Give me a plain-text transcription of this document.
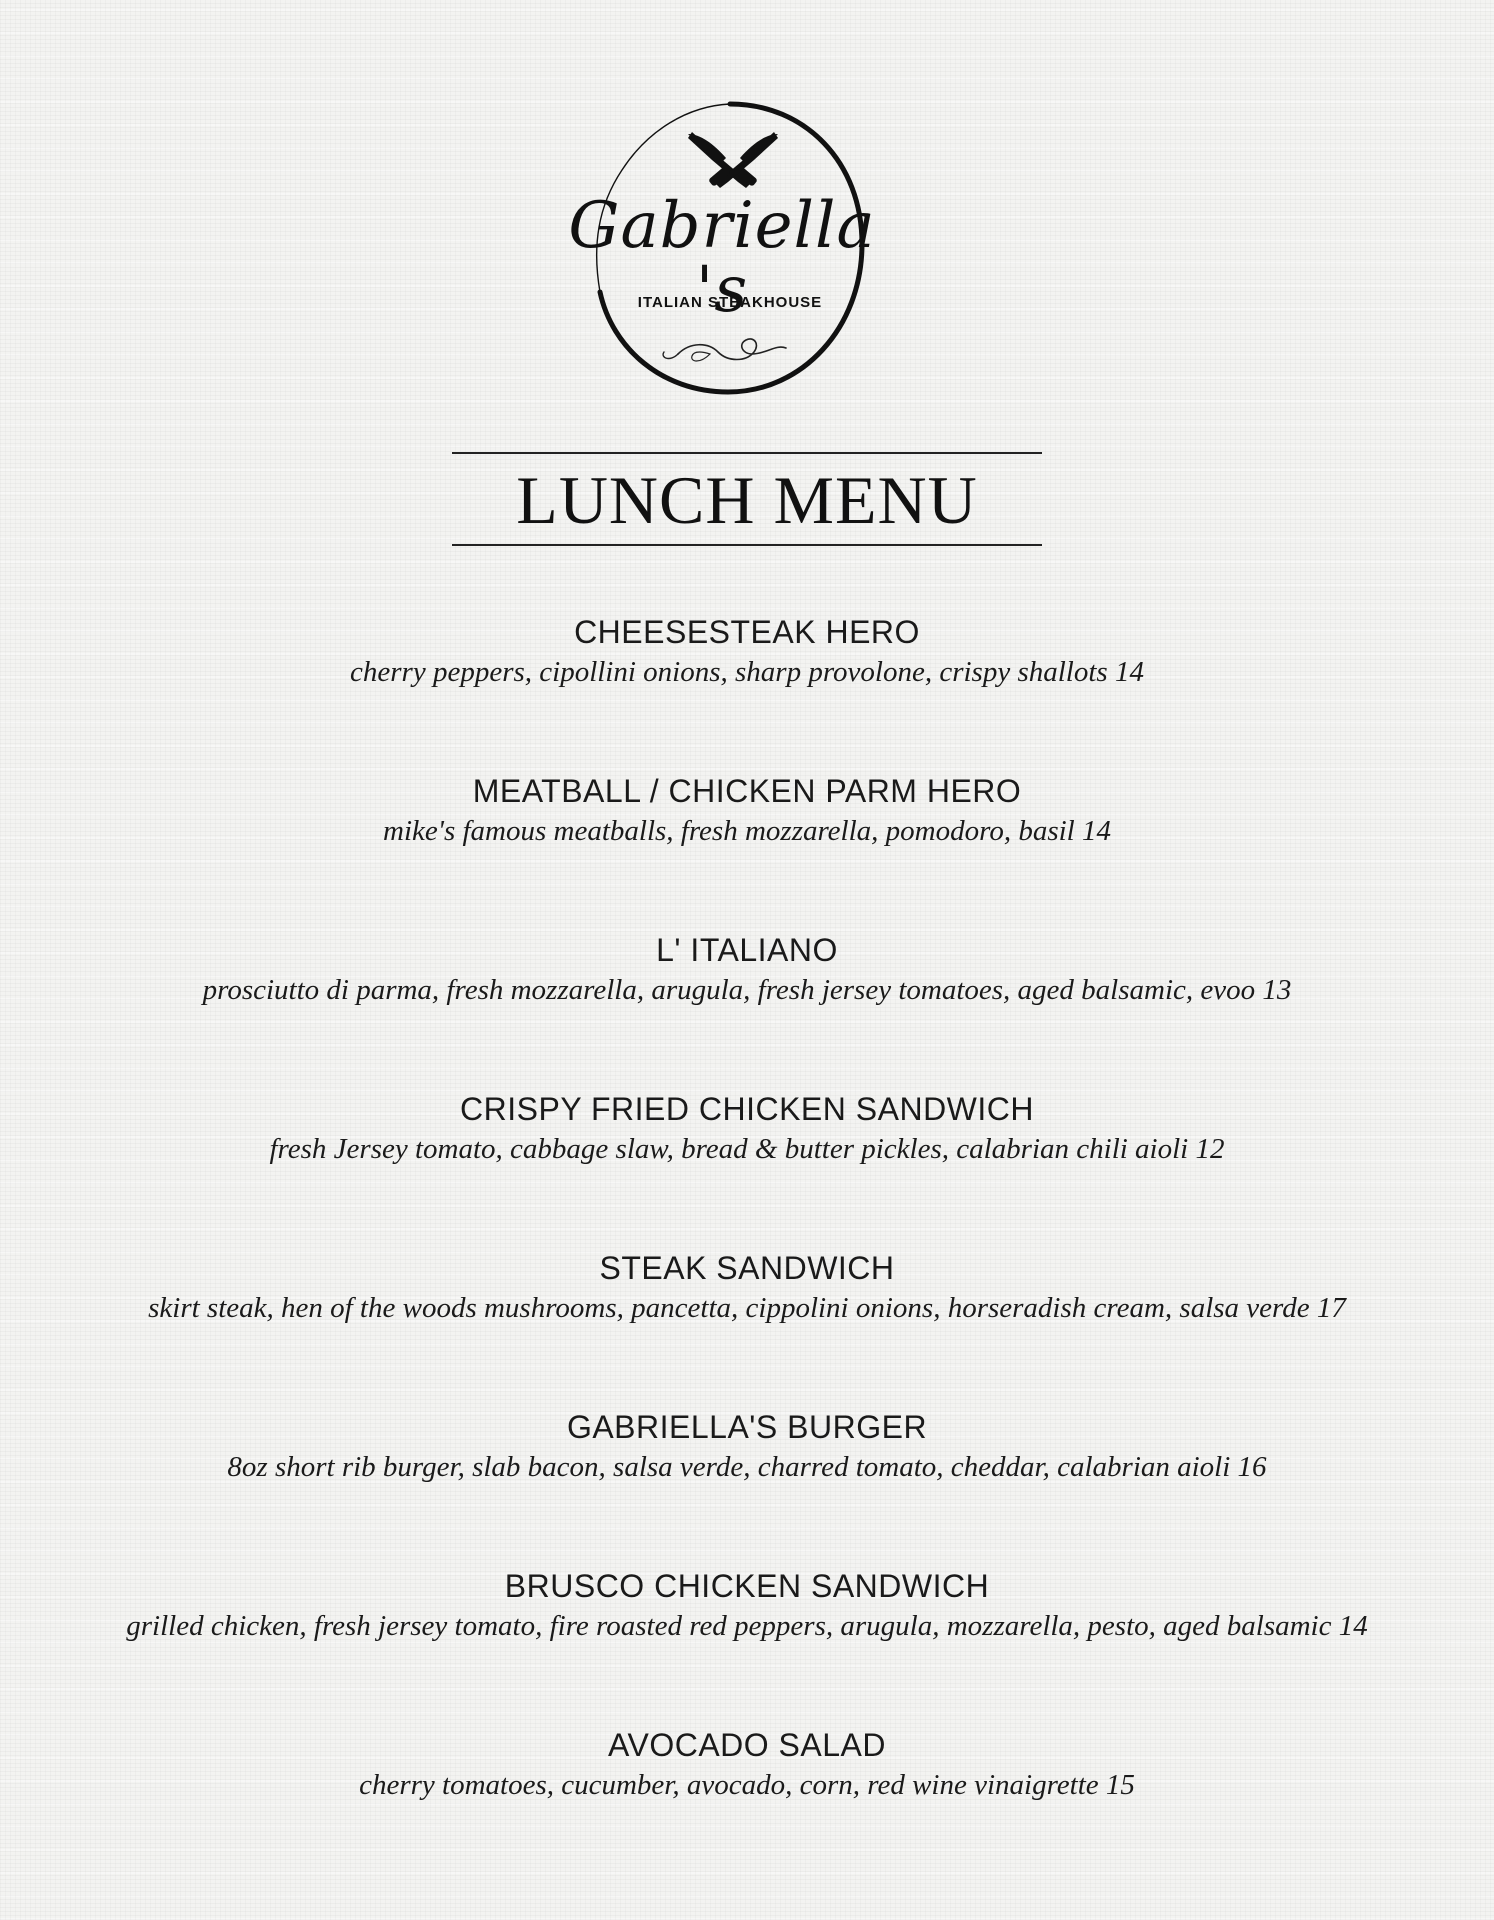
Gabriella 's
ITALIAN STEAKHOUSE
LUNCH MENU
CHEESESTEAK HERO
cherry peppers, cipollini onions, sharp provolone, crispy shallots 14
MEATBALL / CHICKEN PARM HERO
mike's famous meatballs, fresh mozzarella, pomodoro, basil 14
L' ITALIANO
prosciutto di parma, fresh mozzarella, arugula, fresh jersey tomatoes, aged balsamic, evoo 13
CRISPY FRIED CHICKEN SANDWICH
fresh Jersey tomato, cabbage slaw, bread & butter pickles, calabrian chili aioli 12
STEAK SANDWICH
skirt steak, hen of the woods mushrooms, pancetta, cippolini onions, horseradish cream, salsa verde 17
GABRIELLA'S BURGER
8oz short rib burger, slab bacon, salsa verde, charred tomato, cheddar, calabrian aioli 16
BRUSCO CHICKEN SANDWICH
grilled chicken, fresh jersey tomato, fire roasted red peppers, arugula, mozzarella, pesto, aged balsamic 14
AVOCADO SALAD
cherry tomatoes, cucumber, avocado, corn, red wine vinaigrette 15
